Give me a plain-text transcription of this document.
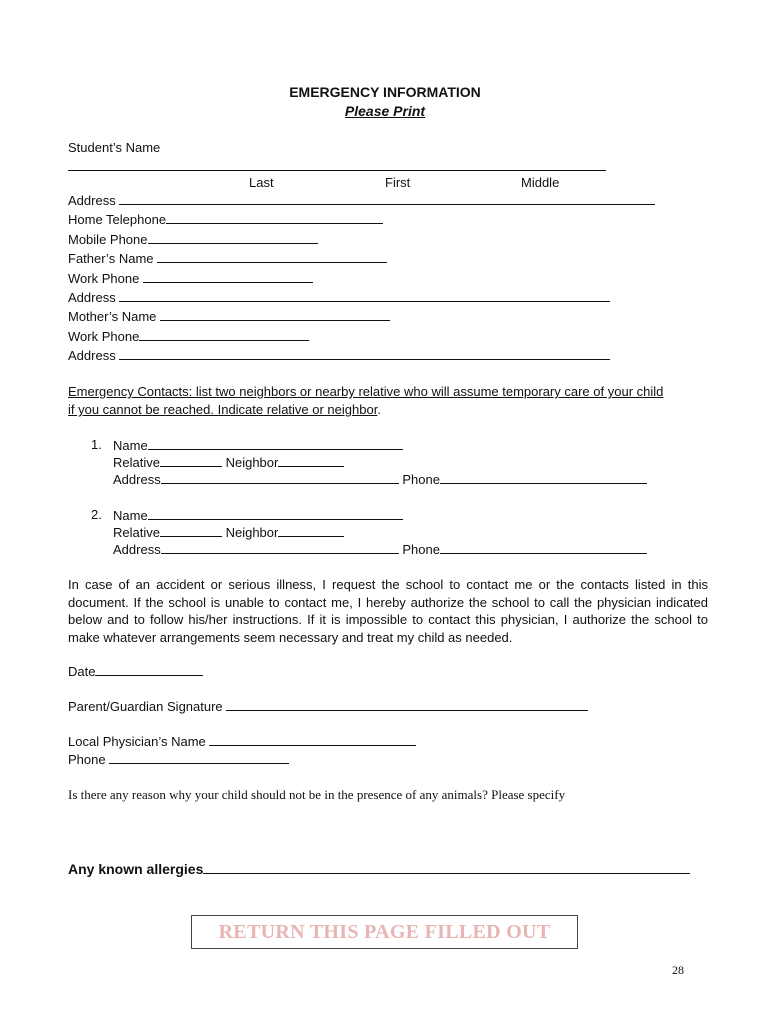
EMERGENCY INFORMATION
Please Print
Student’s Name
Last	First	Middle
Address
Home Telephone
Mobile Phone
Father’s Name
Work Phone
Address
Mother’s Name
Work Phone
Address
Emergency Contacts: list two neighbors or nearby relative who will assume temporary care of your child
if you cannot be reached. Indicate relative or neighbor.
1. Name
Relative	Neighbor
Address	Phone
2. Name
Relative	Neighbor
Address	Phone
In case of an accident or serious illness, I request the school to contact me or the contacts listed in this document. If the school is unable to contact me, I hereby authorize the school to call the physician indicated below and to follow his/her instructions. If it is impossible to contact this physician, I authorize the school to make whatever arrangements seem necessary and treat my child as needed.
Date
Parent/Guardian Signature
Local Physician’s Name
Phone
Is there any reason why your child should not be in the presence of any animals? Please specify
Any known allergies
RETURN THIS PAGE FILLED OUT
28
